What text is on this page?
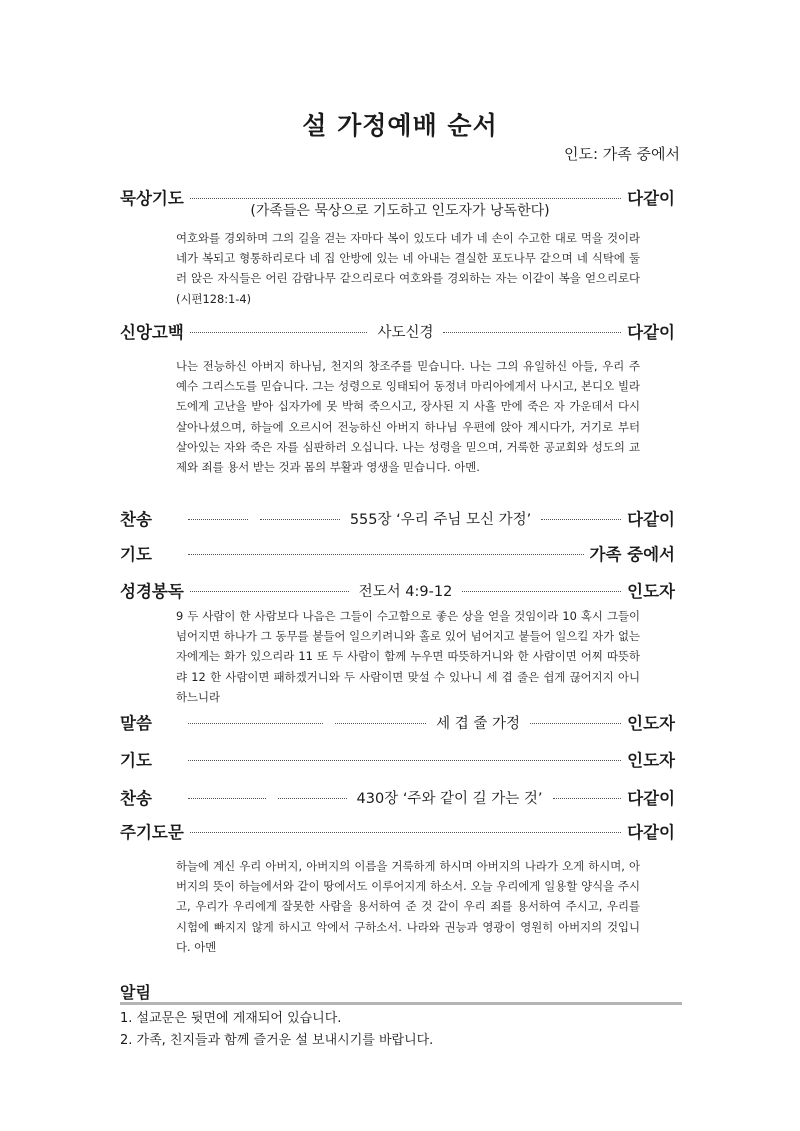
설 가정예배 순서
인도: 가족 중에서
묵상기도	다같이
(가족들은 묵상으로 기도하고 인도자가 낭독한다)
여호와를 경외하며 그의 길을 걷는 자마다 복이 있도다 네가 네 손이 수고한 대로 먹을 것이라 네가 복되고 형통하리로다 네 집 안방에 있는 네 아내는 결실한 포도나무 같으며 네 식탁에 둘러 앉은 자식들은 어린 감람나무 같으리로다 여호와를 경외하는 자는 이같이 복을 얻으리로다 (시편128:1-4)
신앙고백	사도신경	다같이
나는 전능하신 아버지 하나님, 천지의 창조주를 믿습니다. 나는 그의 유일하신 아들, 우리 주 예수 그리스도를 믿습니다. 그는 성령으로 잉태되어 동정녀 마리아에게서 나시고, 본디오 빌라도에게 고난을 받아 십자가에 못 박혀 죽으시고, 장사된 지 사흘 만에 죽은 자 가운데서 다시 살아나셨으며, 하늘에 오르시어 전능하신 아버지 하나님 우편에 앉아 계시다가, 거기로 부터 살아있는 자와 죽은 자를 심판하러 오십니다. 나는 성령을 믿으며, 거룩한 공교회와 성도의 교제와 죄를 용서 받는 것과 몸의 부활과 영생을 믿습니다. 아멘.
찬송	555장 ‘우리 주님 모신 가정’	다같이
기도	가족 중에서
성경봉독	전도서 4:9-12	인도자
9 두 사람이 한 사람보다 나음은 그들이 수고함으로 좋은 상을 얻을 것임이라 10 혹시 그들이 넘어지면 하나가 그 동무를 붙들어 일으키려니와 홀로 있어 넘어지고 붙들어 일으킬 자가 없는 자에게는 화가 있으리라 11 또 두 사람이 함께 누우면 따뜻하거니와 한 사람이면 어찌 따뜻하랴 12 한 사람이면 패하겠거니와 두 사람이면 맞설 수 있나니 세 겹 줄은 쉽게 끊어지지 아니하느니라
말씀	세 겹 줄 가정	인도자
기도	인도자
찬송	430장 ‘주와 같이 길 가는 것’	다같이
주기도문	다같이
하늘에 계신 우리 아버지, 아버지의 이름을 거룩하게 하시며 아버지의 나라가 오게 하시며, 아버지의 뜻이 하늘에서와 같이 땅에서도 이루어지게 하소서. 오늘 우리에게 일용할 양식을 주시고, 우리가 우리에게 잘못한 사람을 용서하여 준 것 같이 우리 죄를 용서하여 주시고, 우리를 시험에 빠지지 않게 하시고 악에서 구하소서. 나라와 권능과 영광이 영원히 아버지의 것입니다. 아멘
알림
1. 설교문은 뒷면에 게재되어 있습니다.
2. 가족, 친지들과 함께 즐거운 설 보내시기를 바랍니다.
